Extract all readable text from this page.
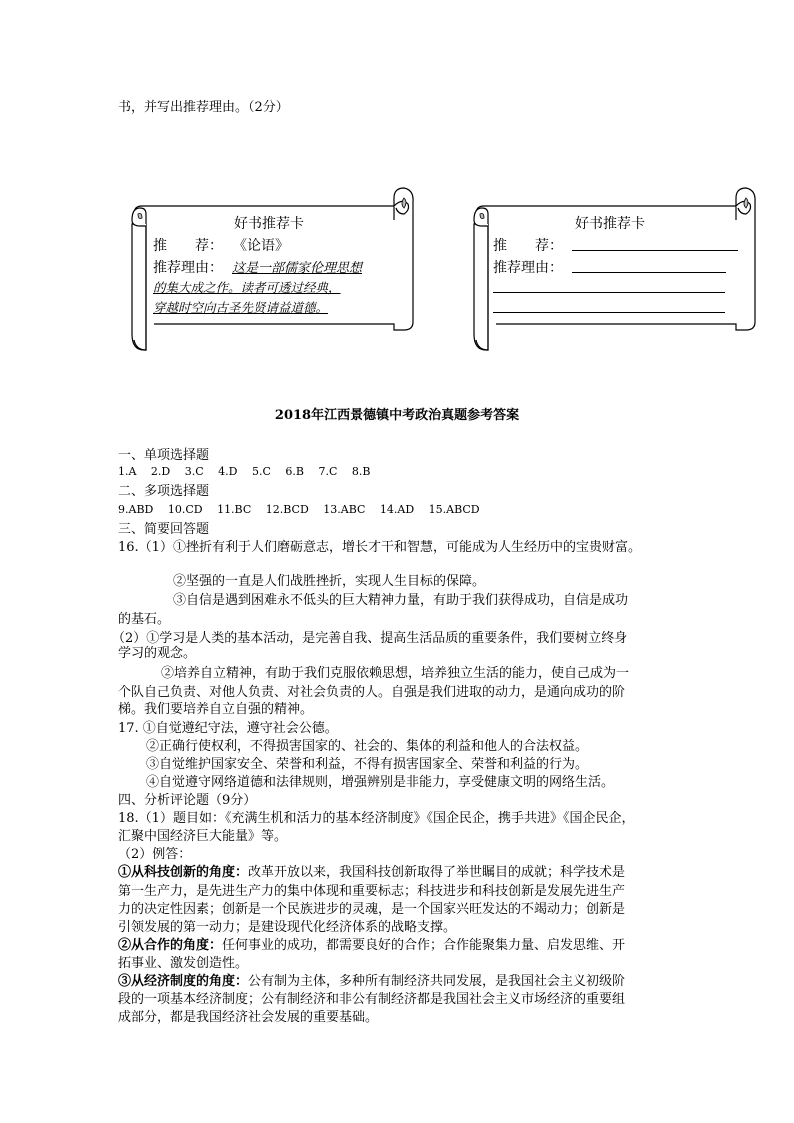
书，并写出推荐理由。（2分）
好书推荐卡
推　　荐： 《论语》
推荐理由： 这是一部儒家伦理思想
的集大成之作。读者可透过经典，
穿越时空向古圣先贤请益道德。
好书推荐卡
推　　荐：
推荐理由：
2018年江西景德镇中考政治真题参考答案
一、单项选择题
1.A　 2.D　 3.C　 4.D　 5.C　 6.B　 7.C　 8.B
二、多项选择题
9.ABD　 10.CD　 11.BC　 12.BCD　 13.ABC　 14.AD　 15.ABCD
三、简要回答题
16.（1）①挫折有利于人们磨砺意志，增长才干和智慧，可能成为人生经历中的宝贵财富。
②坚强的一直是人们战胜挫折，实现人生目标的保障。
③自信是遇到困难永不低头的巨大精神力量，有助于我们获得成功，自信是成功
的基石。
（2）①学习是人类的基本活动，是完善自我、提高生活品质的重要条件，我们要树立终身
学习的观念。
②培养自立精神，有助于我们克服依赖思想，培养独立生活的能力，使自己成为一
个队自己负责、对他人负责、对社会负责的人。自强是我们进取的动力，是通向成功的阶
梯。我们要培养自立自强的精神。
17. ①自觉遵纪守法，遵守社会公德。
②正确行使权利，不得损害国家的、社会的、集体的利益和他人的合法权益。
③自觉维护国家安全、荣誉和利益，不得有损害国家全、荣誉和利益的行为。
④自觉遵守网络道德和法律规则，增强辨别是非能力，享受健康文明的网络生活。
四、分析评论题（9分）
18.（1）题目如：《充满生机和活力的基本经济制度》《国企民企，携手共进》《国企民企，
汇聚中国经济巨大能量》等。
（2）例答：
①从科技创新的角度：改革开放以来，我国科技创新取得了举世瞩目的成就；科学技术是
第一生产力，是先进生产力的集中体现和重要标志；科技进步和科技创新是发展先进生产
力的决定性因素；创新是一个民族进步的灵魂，是一个国家兴旺发达的不竭动力；创新是
引领发展的第一动力；是建设现代化经济体系的战略支撑。
②从合作的角度：任何事业的成功，都需要良好的合作；合作能聚集力量、启发思维、开
拓事业、激发创造性。
③从经济制度的角度：公有制为主体，多种所有制经济共同发展，是我国社会主义初级阶
段的一项基本经济制度；公有制经济和非公有制经济都是我国社会主义市场经济的重要组
成部分，都是我国经济社会发展的重要基础。
